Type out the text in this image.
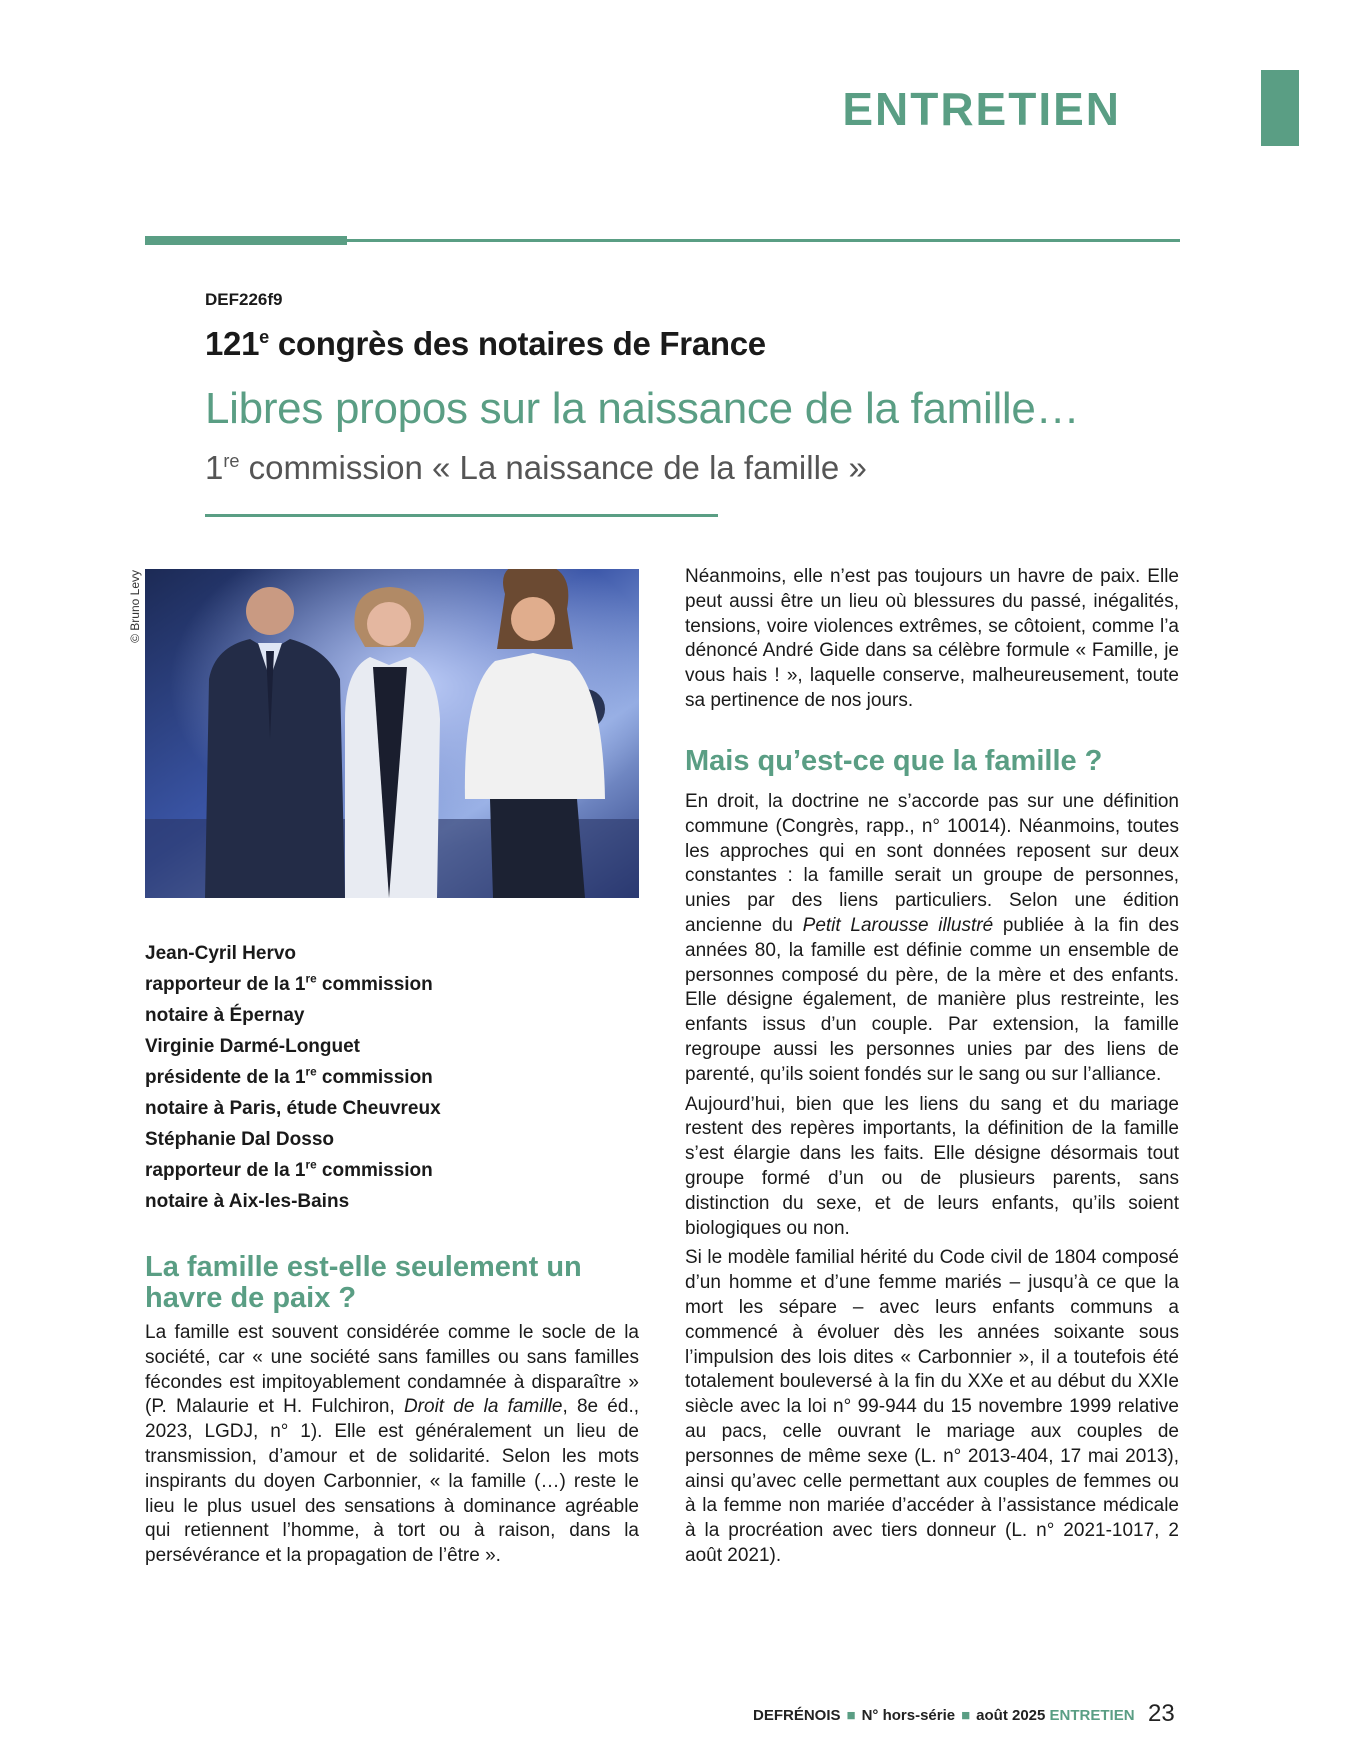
ENTRETIEN
DEF226f9
121e congrès des notaires de France
Libres propos sur la naissance de la famille…
1re commission « La naissance de la famille »
© Bruno Levy
Jean-Cyril Hervo
rapporteur de la 1re commission
notaire à Épernay
Virginie Darmé-Longuet
présidente de la 1re commission
notaire à Paris, étude Cheuvreux
Stéphanie Dal Dosso
rapporteur de la 1re commission
notaire à Aix-les-Bains
La famille est-elle seulement un havre de paix ?

La famille est souvent considérée comme le socle de la société, car « une société sans familles ou sans familles fécondes est impitoyablement condamnée à disparaître » (P. Malaurie et H. Fulchiron, Droit de la famille, 8e éd., 2023, LGDJ, n° 1). Elle est généralement un lieu de transmission, d’amour et de solidarité. Selon les mots inspirants du doyen Carbonnier, « la famille (…) reste le lieu le plus usuel des sensations à dominance agréable qui retiennent l’homme, à tort ou à raison, dans la persévérance et la propagation de l’être ».

Néanmoins, elle n’est pas toujours un havre de paix. Elle peut aussi être un lieu où blessures du passé, inégalités, tensions, voire violences extrêmes, se côtoient, comme l’a dénoncé André Gide dans sa célèbre formule « Famille, je vous hais ! », laquelle conserve, malheureusement, toute sa pertinence de nos jours.

Mais qu’est-ce que la famille ?

En droit, la doctrine ne s’accorde pas sur une définition commune (Congrès, rapp., n° 10014). Néanmoins, toutes les approches qui en sont données reposent sur deux constantes : la famille serait un groupe de personnes, unies par des liens particuliers. Selon une édition ancienne du Petit Larousse illustré publiée à la fin des années 80, la famille est définie comme un ensemble de personnes composé du père, de la mère et des enfants. Elle désigne également, de manière plus restreinte, les enfants issus d’un couple. Par extension, la famille regroupe aussi les personnes unies par des liens de parenté, qu’ils soient fondés sur le sang ou sur l’alliance.

Aujourd’hui, bien que les liens du sang et du mariage restent des repères importants, la définition de la famille s’est élargie dans les faits. Elle désigne désormais tout groupe formé d’un ou de plusieurs parents, sans distinction du sexe, et de leurs enfants, qu’ils soient biologiques ou non.

Si le modèle familial hérité du Code civil de 1804 composé d’un homme et d’une femme mariés – jusqu’à ce que la mort les sépare – avec leurs enfants communs a commencé à évoluer dès les années soixante sous l’impulsion des lois dites « Carbonnier », il a toutefois été totalement bouleversé à la fin du XXe et au début du XXIe siècle avec la loi n° 99-944 du 15 novembre 1999 relative au pacs, celle ouvrant le mariage aux couples de personnes de même sexe (L. n° 2013-404, 17 mai 2013), ainsi qu’avec celle permettant aux couples de femmes ou à la femme non mariée d’accéder à l’assistance médicale à la procréation avec tiers donneur (L. n° 2021-1017, 2 août 2021).

DEFRÉNOIS ■ N° hors-série ■ août 2025 ENTRETIEN 23
